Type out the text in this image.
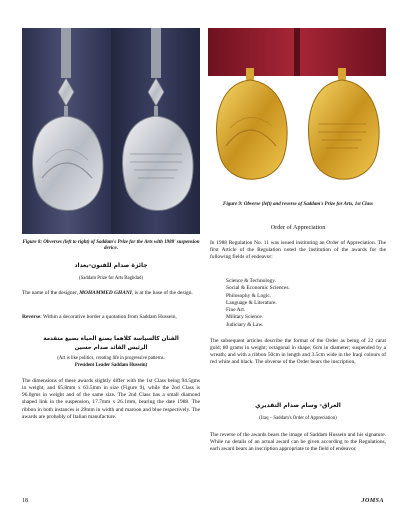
Figure 9: Obverse (left) and reverse of Saddam's Prize for Arts, 1st Class
Order of Appreciation
Figure 8: Obverses (left to right) of Saddam's Prize for the Arts with 1988' suspension device.
جائزة صدام للفنون-بغداد
(Saddam Prize for Arts Baghdad)
The name of the designer, MOHAMMED GHANI, is at the base of the design.
Reverse: Within a decorative border a quotation from Saddam Hussein,
الفنان كالسياسة كلاهما يصنع الحياة بصيغ متقدمة
الرئيس القائد صدام حسين
(Art is like politics, creating life in progressive patterns.
President Leader Saddam Hussein)
The dimensions of these awards slightly differ with the 1st Class being 94.5gms in weight, and 65.8mm x 63.5mm in size (Figure 9), while the 2nd Class is 96.0gms in weight and of the same size. The 2nd Class has a small diamond shaped link in the suspension, 17.7mm x 26.1mm, bearing the date 1988. The ribbon in both instances is 29mm in width and maroon and blue respectively. The awards are probably of Italian manufacture.
In 1988 Regulation No. 11 was issued instituting an Order of Appreciation. The first Article of the Regulation noted the institution of the awards for the following fields of endeavor:
Science & Technology.
Social & Economic Sciences.
Philosophy & Logic.
Language & Literature.
Fine Art.
Military Science.
Judiciary & Law.
The subsequent articles describe the format of the Order as being of 22 carat gold; 80 grams in weight; octagonal in shape; 6cm in diameter; suspended by a wreath; and with a ribbon 50cm in length and 3.5cm wide in the Iraqi colours of red white and black. The obverse of the Order bears the inscription,
العراق- وسام صدام التقديري
(Iraq – Saddam's Order of Appreciation)
The reverse of the awards bears the image of Saddam Hussein and his signature. While no details of an actual award can be given according to the Regulations, each award bears an inscription appropriate to the field of endeavor.
18	JOMSA
